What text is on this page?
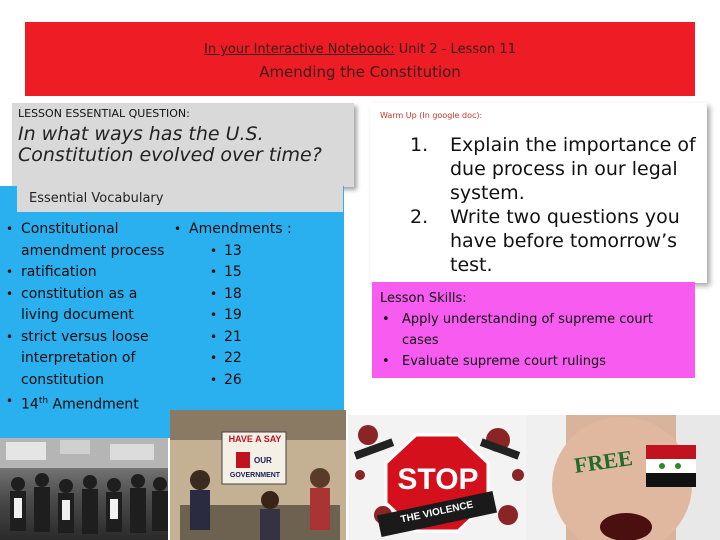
In your Interactive Notebook: Unit 2 - Lesson 11
Amending the Constitution
LESSON ESSENTIAL QUESTION:
In what ways has the U.S. Constitution evolved over time?
Essential Vocabulary
• Constitutional amendment process
• ratification
• constitution as a living document
• strict versus loose interpretation of constitution
• 14th Amendment
• Amendments :
• 13
• 15
• 18
• 19
• 21
• 22
• 26
Warm Up (In google doc):
1. Explain the importance of due process in our legal system.
2. Write two questions you have before tomorrow’s test.
Lesson Skills:
• Apply understanding of supreme court cases
• Evaluate supreme court rulings
HAVE A SAY
OUR
GOVERNMENT	STOP
THE VIOLENCE
FREE
